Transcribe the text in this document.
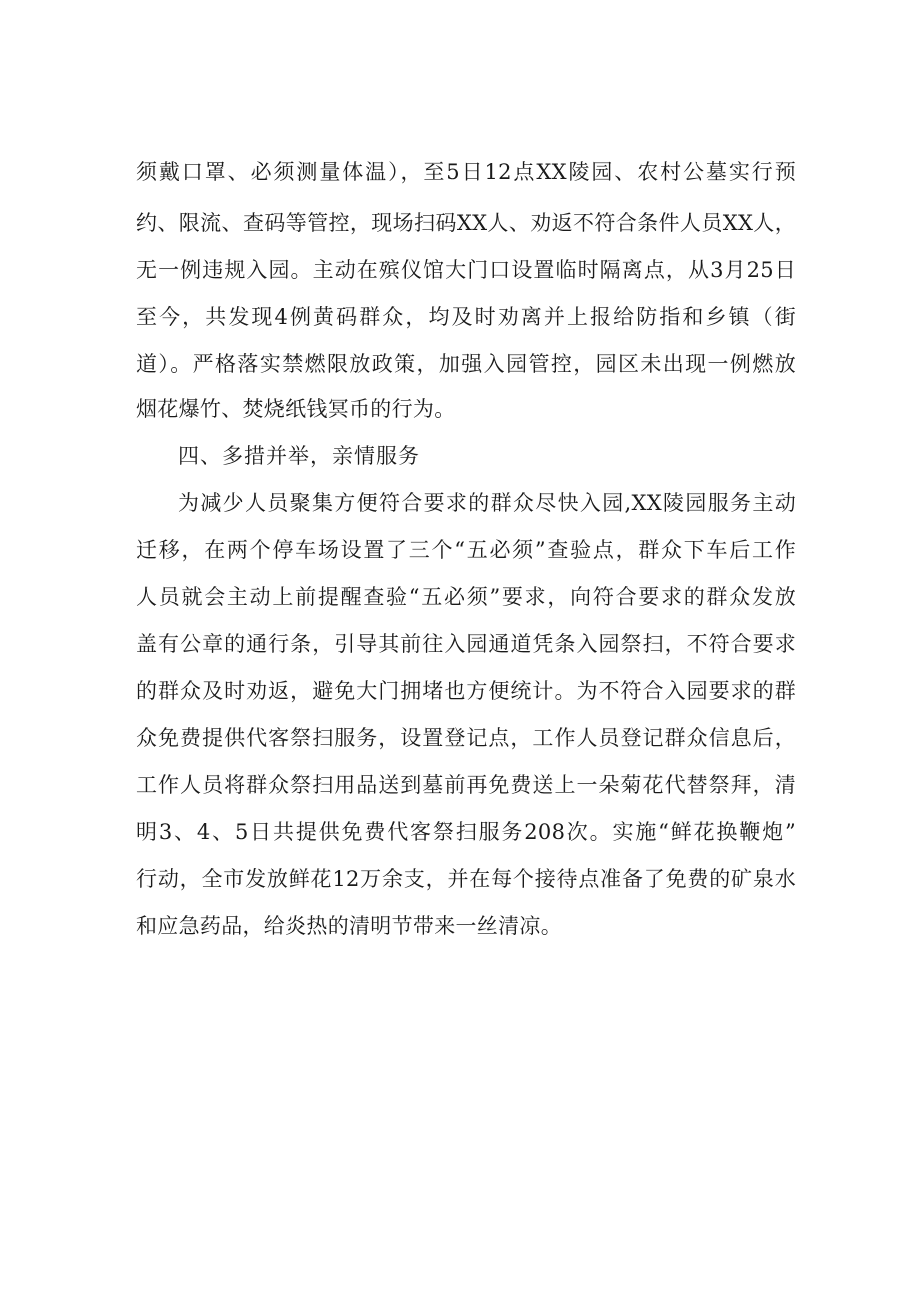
须戴口罩、必须测量体温），至5日12点XX陵园、农村公墓实行预
约、限流、查码等管控，现场扫码XX人、劝返不符合条件人员XX人，
无一例违规入园。主动在殡仪馆大门口设置临时隔离点，从3月25日
至今，共发现4例黄码群众，均及时劝离并上报给防指和乡镇（街
道）。严格落实禁燃限放政策，加强入园管控，园区未出现一例燃放
烟花爆竹、焚烧纸钱冥币的行为。
四、多措并举，亲情服务
为减少人员聚集方便符合要求的群众尽快入园,XX陵园服务主动
迁移，在两个停车场设置了三个“五必须”查验点，群众下车后工作
人员就会主动上前提醒查验“五必须”要求，向符合要求的群众发放
盖有公章的通行条，引导其前往入园通道凭条入园祭扫，不符合要求
的群众及时劝返，避免大门拥堵也方便统计。为不符合入园要求的群
众免费提供代客祭扫服务，设置登记点，工作人员登记群众信息后，
工作人员将群众祭扫用品送到墓前再免费送上一朵菊花代替祭拜，清
明3、4、5日共提供免费代客祭扫服务208次。实施“鲜花换鞭炮”
行动，全市发放鲜花12万余支，并在每个接待点准备了免费的矿泉水
和应急药品，给炎热的清明节带来一丝清凉。
